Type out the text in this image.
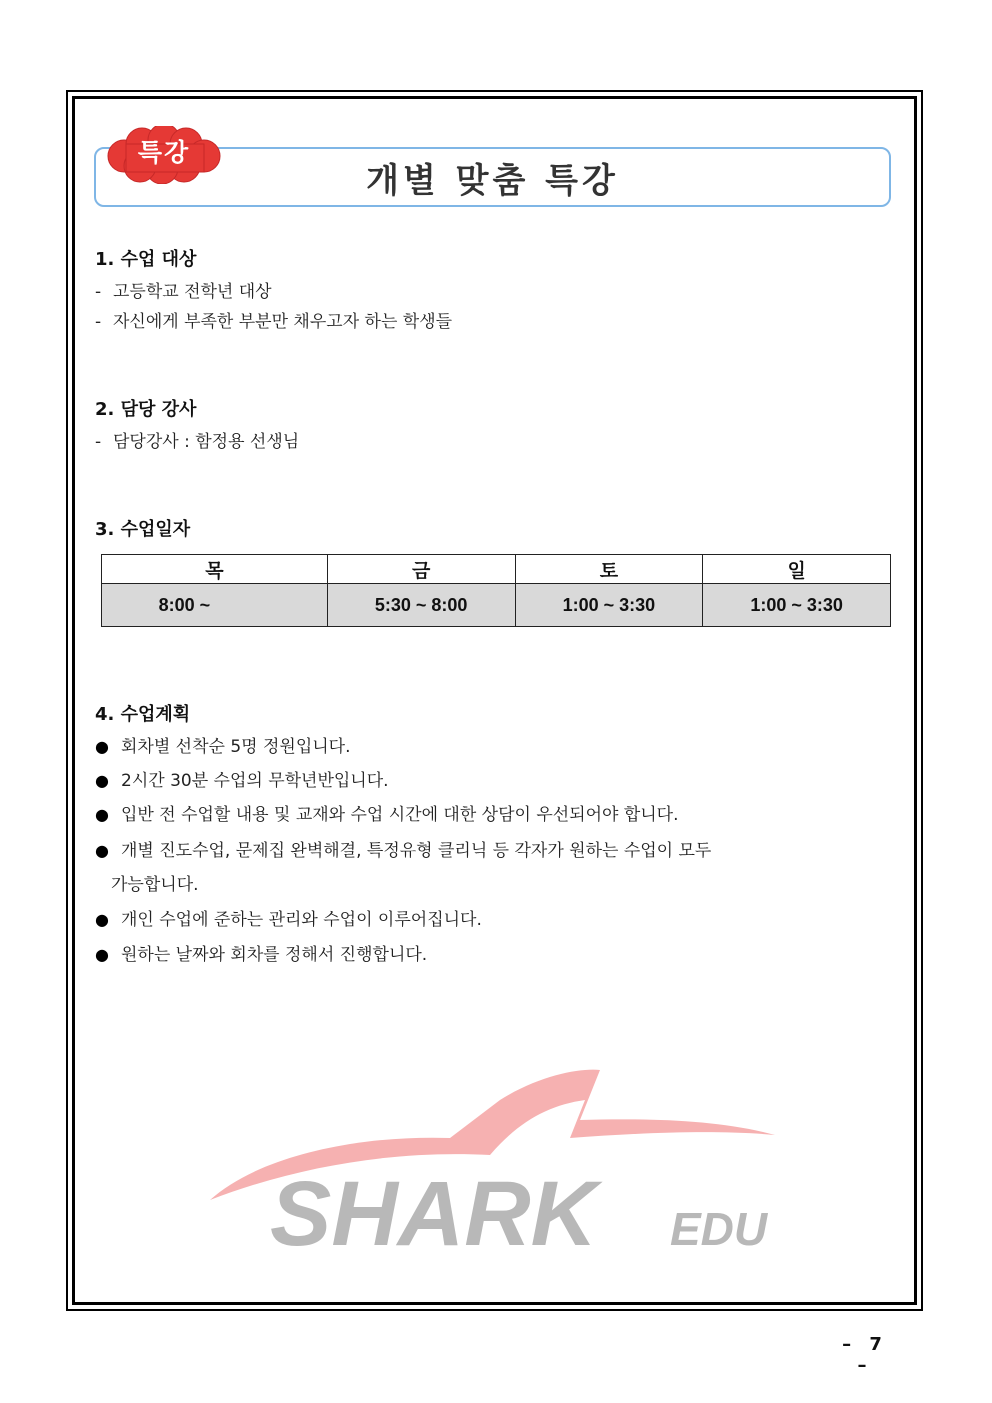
개별 맞춤 특강
특강
1. 수업 대상
- 고등학교 전학년 대상
- 자신에게 부족한 부분만 채우고자 하는 학생들
2. 담당 강사
- 담당강사 : 함정용 선생님
3. 수업일자
목	금	토	일
8:00 ~	5:30 ~ 8:00	1:00 ~ 3:30	1:00 ~ 3:30
4. 수업계획
● 회차별 선착순 5명 정원입니다.
● 2시간 30분 수업의 무학년반입니다.
● 입반 전 수업할 내용 및 교재와 수업 시간에 대한 상담이 우선되어야 합니다.
● 개별 진도수업, 문제집 완벽해결, 특정유형 클리닉 등 각자가 원하는 수업이 모두
가능합니다.
● 개인 수업에 준하는 관리와 수업이 이루어집니다.
● 원하는 날짜와 회차를 정해서 진행합니다.
SHARK EDU
– 7 –
